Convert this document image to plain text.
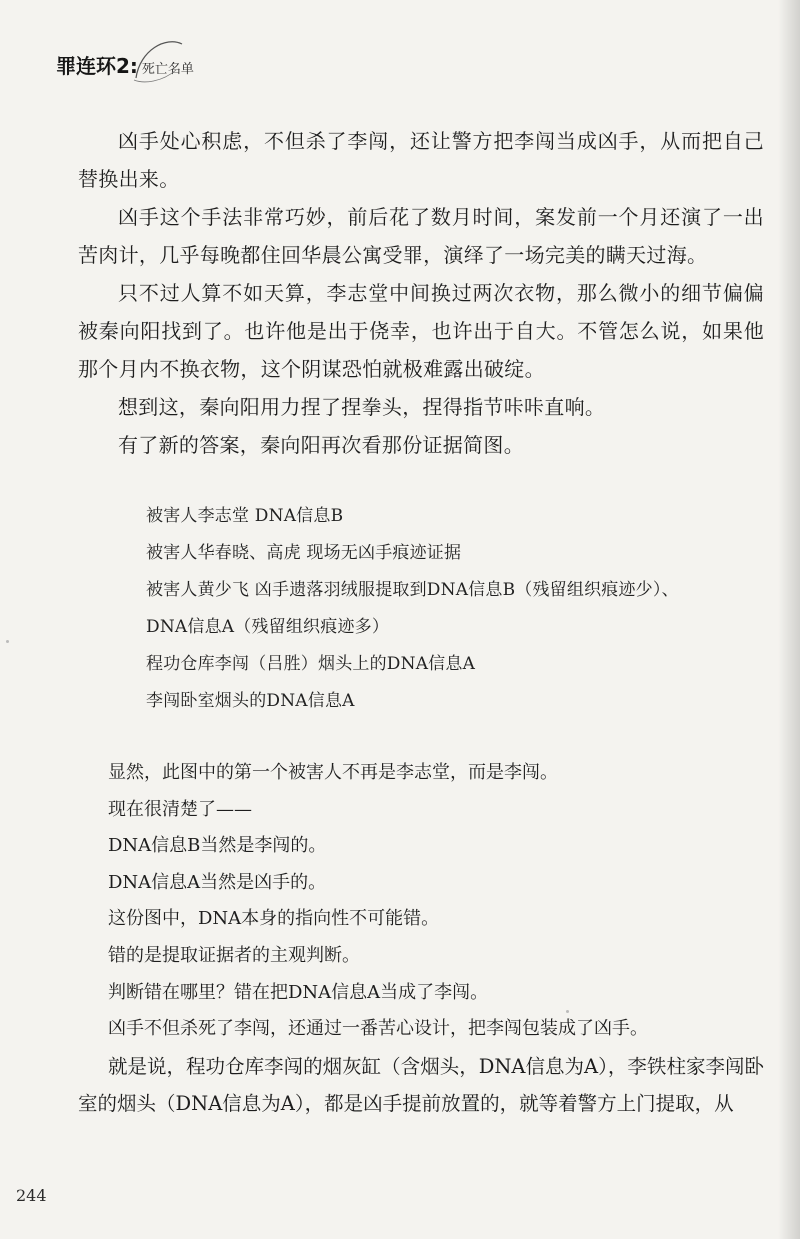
罪连环2: 死亡名单

凶手处心积虑，不但杀了李闯，还让警方把李闯当成凶手，从而把自己替换出来。

凶手这个手法非常巧妙，前后花了数月时间，案发前一个月还演了一出苦肉计，几乎每晚都住回华晨公寓受罪，演绎了一场完美的瞒天过海。

只不过人算不如天算，李志堂中间换过两次衣物，那么微小的细节偏偏被秦向阳找到了。也许他是出于侥幸，也许出于自大。不管怎么说，如果他那个月内不换衣物，这个阴谋恐怕就极难露出破绽。

想到这，秦向阳用力捏了捏拳头，捏得指节咔咔直响。

有了新的答案，秦向阳再次看那份证据简图。

被害人李志堂 DNA信息B
被害人华春晓、高虎 现场无凶手痕迹证据
被害人黄少飞 凶手遗落羽绒服提取到DNA信息B（残留组织痕迹少）、
DNA信息A（残留组织痕迹多）
程功仓库李闯（吕胜）烟头上的DNA信息A
李闯卧室烟头的DNA信息A
显然，此图中的第一个被害人不再是李志堂，而是李闯。
现在很清楚了——
DNA信息B当然是李闯的。
DNA信息A当然是凶手的。
这份图中，DNA本身的指向性不可能错。
错的是提取证据者的主观判断。
判断错在哪里？错在把DNA信息A当成了李闯。
凶手不但杀死了李闯，还通过一番苦心设计，把李闯包装成了凶手。

就是说，程功仓库李闯的烟灰缸（含烟头，DNA信息为A），李铁柱家李闯卧室的烟头（DNA信息为A），都是凶手提前放置的，就等着警方上门提取，从

244
